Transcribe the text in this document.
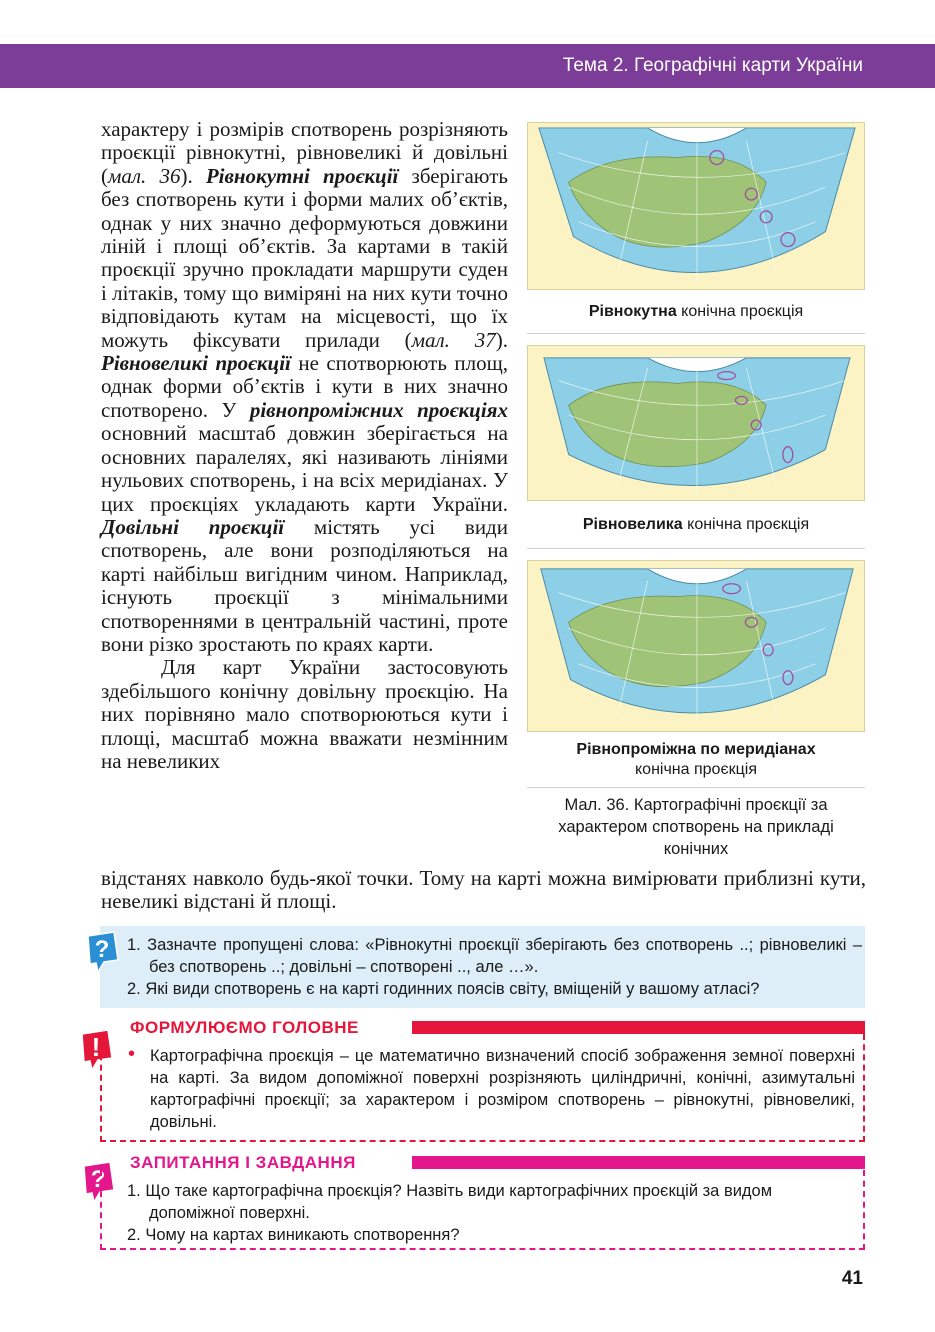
Тема 2. Географічні карти України

характеру і розмірів спотворень розрізняють проєкції рівнокутні, рівновеликі й довільні (мал. 36). Рівнокутні проєкції зберігають без спотворень кути і форми малих об’єктів, однак у них значно деформуються довжини ліній і площі об’єктів. За картами в такій проєкції зручно прокладати маршрути суден і літаків, тому що виміряні на них кути точно відповідають кутам на місцевості, що їх можуть фіксувати прилади (мал. 37). Рівновеликі проєкції не спотворюють площ, однак форми об’єктів і кути в них значно спотворено. У рівнопроміжних проєкціях основний масштаб довжин зберігається на основних паралелях, які називають лініями нульових спотворень, і на всіх меридіанах. У цих проєкціях укладають карти України. Довільні проєкції містять усі види спотворень, але вони розподіляються на карті найбільш вигідним чином. Наприклад, існують проєкції з мінімальними спотвореннями в центральній частині, проте вони різко зростають по краях карти.
Для карт України застосовують здебільшого конічну довільну проєкцію. На них порівняно мало спотворюються кути і площі, масштаб можна вважати незмінним на невеликих

відстанях навколо будь-якої точки. Тому на карті можна вимірювати приблизні кути, невеликі відстані й площі.

Рівнокутна конічна проєкція
Рівновелика конічна проєкція
Рівнопроміжна по меридіанах
конічна проєкція
Мал. 36. Картографічні проєкції за характером спотворень на прикладі конічних
? 1. Зазначте пропущені слова: «Рівнокутні проєкції зберігають без спотворень ..; рівновеликі – без спотворень ..; довільні – спотворені .., але …».
2. Які види спотворень є на карті годинних поясів світу, вміщеній у вашому атласі?
!
ФОРМУЛЮЄМО ГОЛОВНЕ
• Картографічна проєкція – це математично визначений спосіб зображення земної поверхні на карті. За видом допоміжної поверхні розрізняють циліндричні, конічні, азимутальні картографічні проєкції; за характером і розміром спотворень – рівнокутні, рівновеликі, довільні.

?
ЗАПИТАННЯ І ЗАВДАННЯ
1. Що таке картографічна проєкція? Назвіть види картографічних проєкцій за видом допоміжної поверхні.
2. Чому на картах виникають спотворення?
41
